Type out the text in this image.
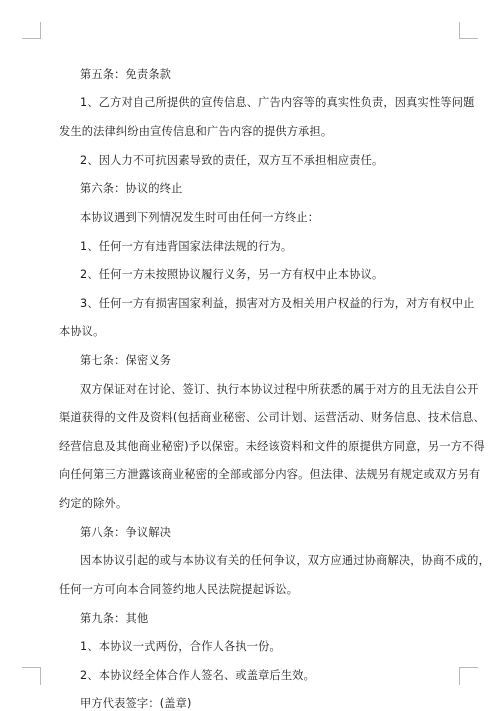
第五条：免责条款
1、乙方对自己所提供的宣传信息、广告内容等的真实性负责，因真实性等问题
发生的法律纠纷由宣传信息和广告内容的提供方承担。
2、因人力不可抗因素导致的责任，双方互不承担相应责任。
第六条：协议的终止
本协议遇到下列情况发生时可由任何一方终止：
1、任何一方有违背国家法律法规的行为。
2、任何一方未按照协议履行义务，另一方有权中止本协议。
3、任何一方有损害国家利益，损害对方及相关用户权益的行为，对方有权中止
本协议。
第七条：保密义务
双方保证对在讨论、签订、执行本协议过程中所获悉的属于对方的且无法自公开
渠道获得的文件及资料(包括商业秘密、公司计划、运营活动、财务信息、技术信息、
经营信息及其他商业秘密)予以保密。未经该资料和文件的原提供方同意，另一方不得
向任何第三方泄露该商业秘密的全部或部分内容。但法律、法规另有规定或双方另有
约定的除外。
第八条：争议解决
因本协议引起的或与本协议有关的任何争议，双方应通过协商解决，协商不成的，
任何一方可向本合同签约地人民法院提起诉讼。
第九条：其他
1、本协议一式两份，合作人各执一份。
2、本协议经全体合作人签名、或盖章后生效。
甲方代表签字：(盖章)
